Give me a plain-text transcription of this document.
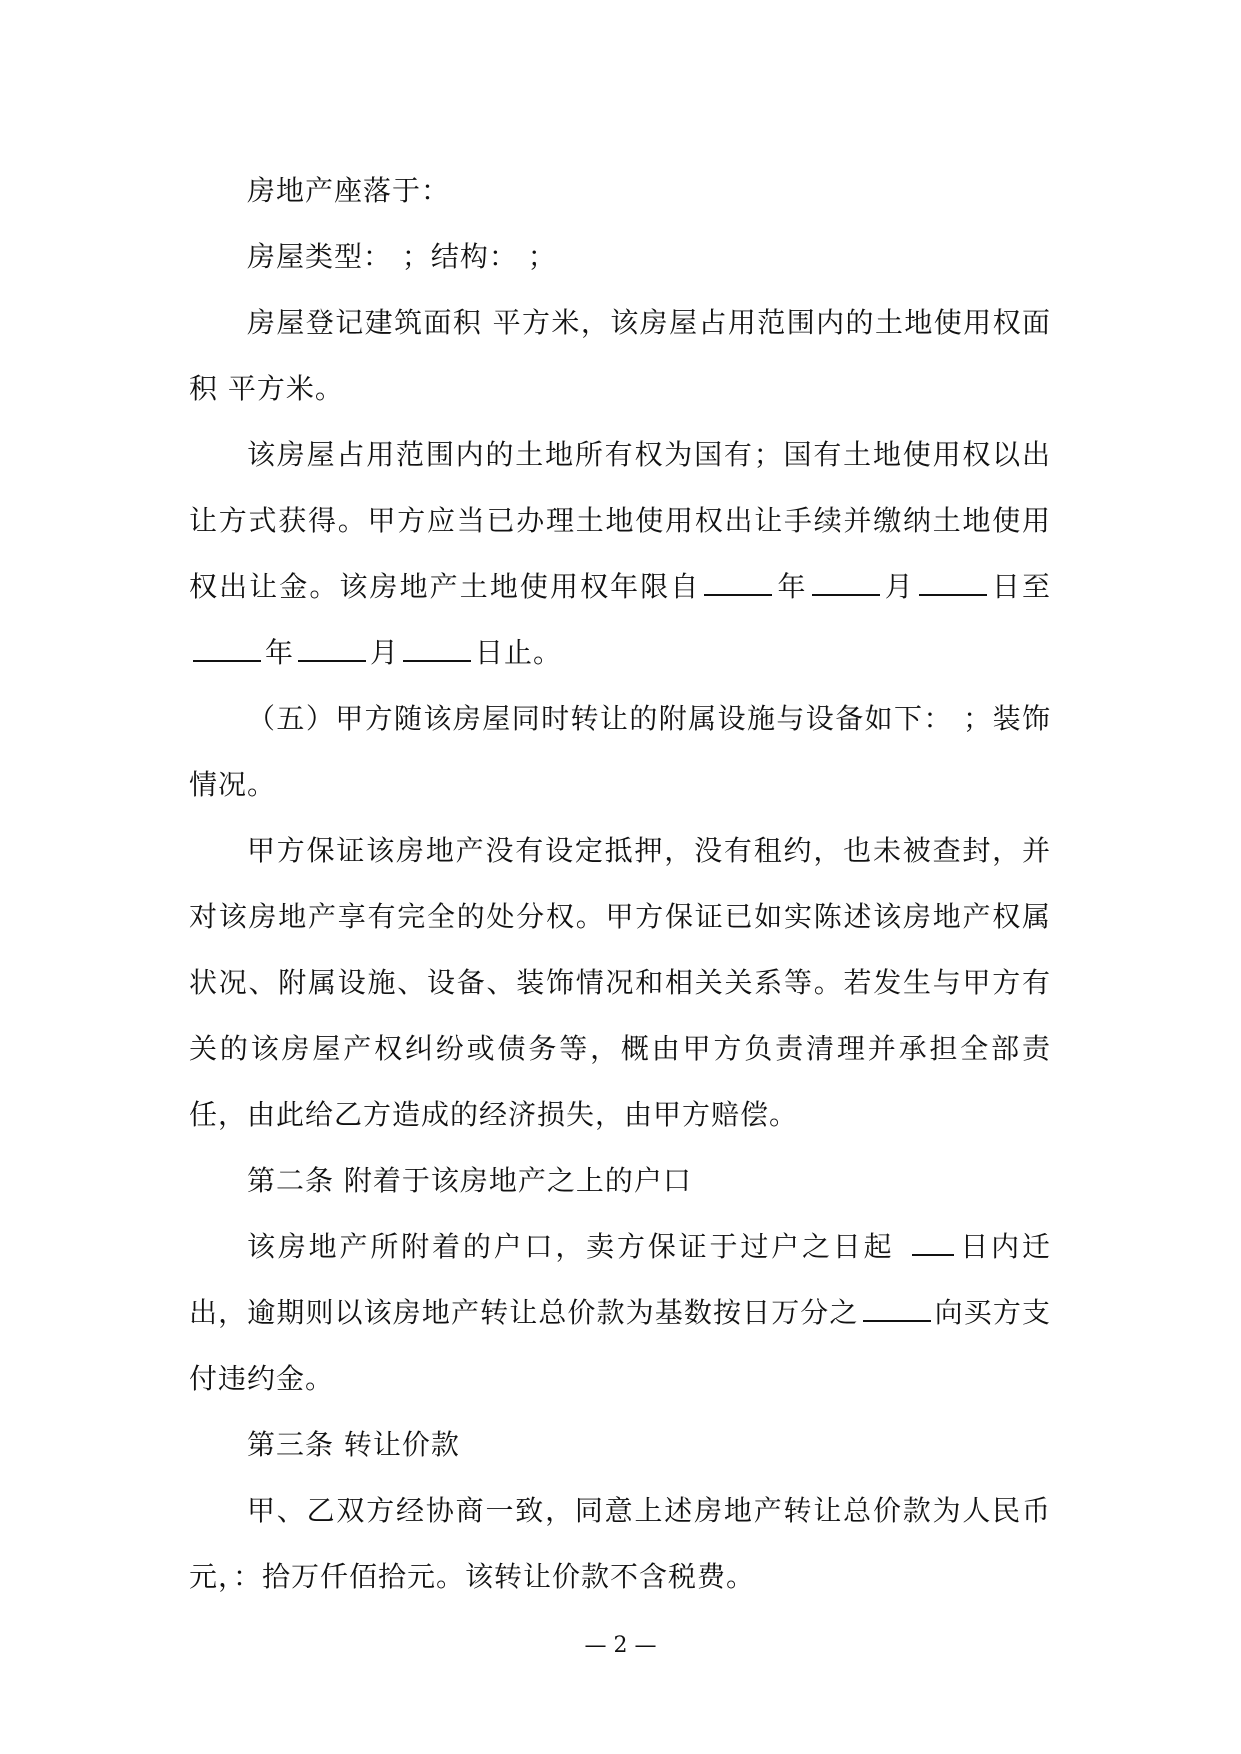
房地产座落于：

房屋类型： ；结构： ；

房屋登记建筑面积 平方米，该房屋占用范围内的土地使用权面积 平方米。

该房屋占用范围内的土地所有权为国有；国有土地使用权以出让方式获得。甲方应当已办理土地使用权出让手续并缴纳土地使用权出让金。该房地产土地使用权年限自	年	月	日至年	月	日止。

（五）甲方随该房屋同时转让的附属设施与设备如下： ；装饰情况。

甲方保证该房地产没有设定抵押，没有租约，也未被查封，并对该房地产享有完全的处分权。甲方保证已如实陈述该房地产权属状况、附属设施、设备、装饰情况和相关关系等。若发生与甲方有关的该房屋产权纠纷或债务等，概由甲方负责清理并承担全部责任，由此给乙方造成的经济损失，由甲方赔偿。

第二条 附着于该房地产之上的户口

该房地产所附着的户口，卖方保证于过户之日起 日内迁出，逾期则以该房地产转让总价款为基数按日万分之	向买方支付违约金。

第三条 转让价款

甲、乙双方经协商一致，同意上述房地产转让总价款为人民币元，：拾万仟佰拾元。该转让价款不含税费。

— 2 —
